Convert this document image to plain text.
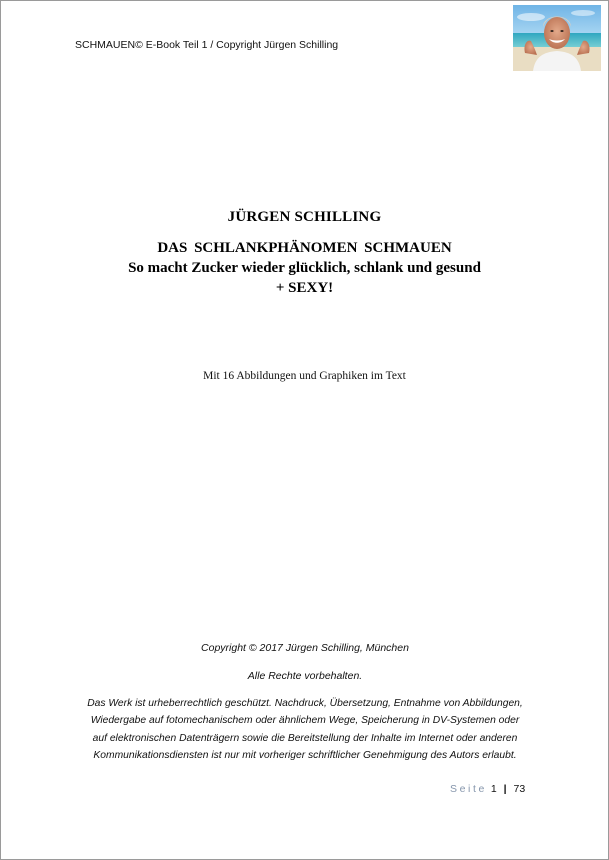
SCHMAUEN© E-Book Teil 1 / Copyright Jürgen Schilling
JÜRGEN SCHILLING
DAS SCHLANKPHÄNOMEN SCHMAUEN
So macht Zucker wieder glücklich, schlank und gesund
+ SEXY!
Mit 16 Abbildungen und Graphiken im Text
Copyright © 2017 Jürgen Schilling, München
Alle Rechte vorbehalten.
Das Werk ist urheberrechtlich geschützt. Nachdruck, Übersetzung, Entnahme von Abbildungen, Wiedergabe auf fotomechanischem oder ähnlichem Wege, Speicherung in DV-Systemen oder auf elektronischen Datenträgern sowie die Bereitstellung der Inhalte im Internet oder anderen Kommunikationsdiensten ist nur mit vorheriger schriftlicher Genehmigung des Autors erlaubt.
Seite 1 | 73
